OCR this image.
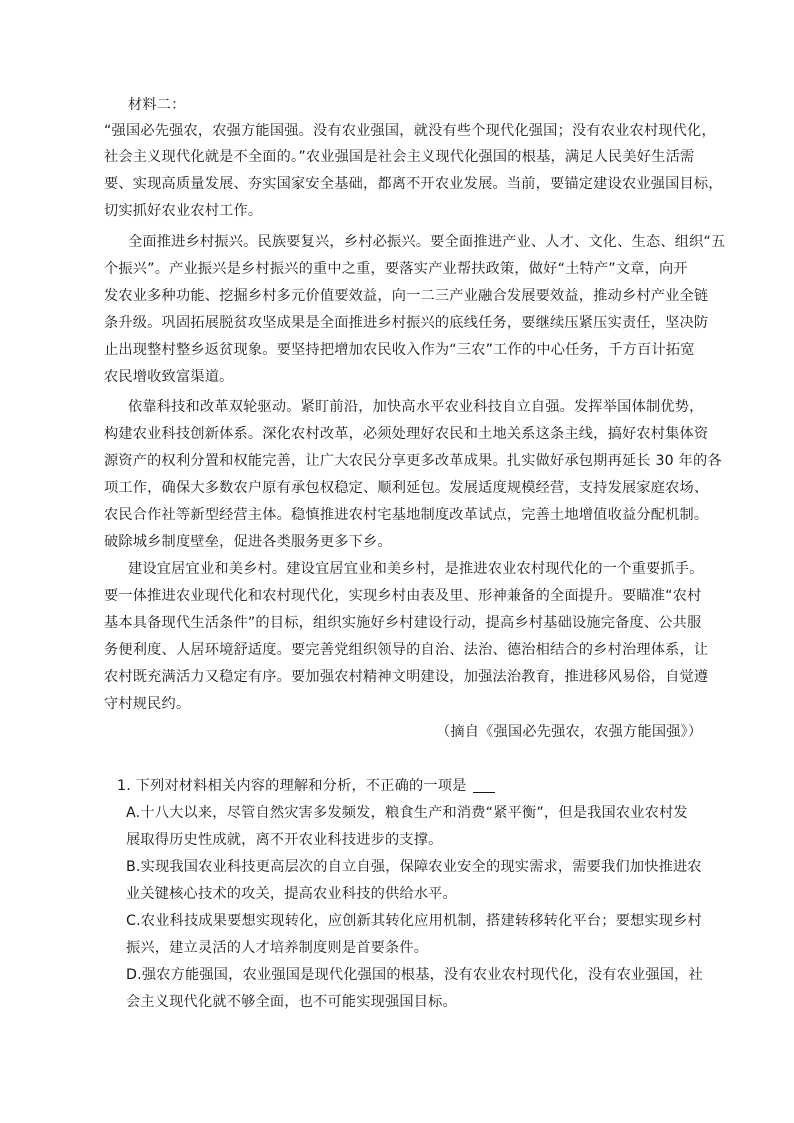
材料二：
“强国必先强农，农强方能国强。没有农业强国，就没有些个现代化强国；没有农业农村现代化，
社会主义现代化就是不全面的。”农业强国是社会主义现代化强国的根基，满足人民美好生活需
要、实现高质量发展、夯实国家安全基础，都离不开农业发展。当前，要锚定建设农业强国目标，
切实抓好农业农村工作。
全面推进乡村振兴。民族要复兴，乡村必振兴。要全面推进产业、人才、文化、生态、组织“五
个振兴”。产业振兴是乡村振兴的重中之重，要落实产业帮扶政策，做好“土特产”文章，向开
发农业多种功能、挖掘乡村多元价值要效益，向一二三产业融合发展要效益，推动乡村产业全链
条升级。巩固拓展脱贫攻坚成果是全面推进乡村振兴的底线任务，要继续压紧压实责任，坚决防
止出现整村整乡返贫现象。要坚持把增加农民收入作为“三农”工作的中心任务，千方百计拓宽
农民增收致富渠道。
依靠科技和改革双轮驱动。紧盯前沿，加快高水平农业科技自立自强。发挥举国体制优势，
构建农业科技创新体系。深化农村改革，必须处理好农民和土地关系这条主线，搞好农村集体资
源资产的权利分置和权能完善，让广大农民分享更多改革成果。扎实做好承包期再延长 30 年的各
项工作，确保大多数农户原有承包权稳定、顺利延包。发展适度规模经营，支持发展家庭农场、
农民合作社等新型经营主体。稳慎推进农村宅基地制度改革试点，完善土地增值收益分配机制。
破除城乡制度壁垒，促进各类服务更多下乡。
建设宜居宜业和美乡村。建设宜居宜业和美乡村，是推进农业农村现代化的一个重要抓手。
要一体推进农业现代化和农村现代化，实现乡村由表及里、形神兼备的全面提升。要瞄准“农村
基本具备现代生活条件”的目标，组织实施好乡村建设行动，提高乡村基础设施完备度、公共服
务便利度、人居环境舒适度。要完善党组织领导的自治、法治、德治相结合的乡村治理体系，让
农村既充满活力又稳定有序。要加强农村精神文明建设，加强法治教育，推进移风易俗，自觉遵
守村规民约。
（摘自《强国必先强农，农强方能国强》）
1. 下列对材料相关内容的理解和分析，不正确的一项是
A.十八大以来，尽管自然灾害多发频发，粮食生产和消费“紧平衡”，但是我国农业农村发
展取得历史性成就，离不开农业科技进步的支撑。
B.实现我国农业科技更高层次的自立自强，保障农业安全的现实需求，需要我们加快推进农
业关键核心技术的攻关，提高农业科技的供给水平。
C.农业科技成果要想实现转化，应创新其转化应用机制，搭建转移转化平台；要想实现乡村
振兴，建立灵活的人才培养制度则是首要条件。
D.强农方能强国，农业强国是现代化强国的根基，没有农业农村现代化，没有农业强国，社
会主义现代化就不够全面，也不可能实现强国目标。
